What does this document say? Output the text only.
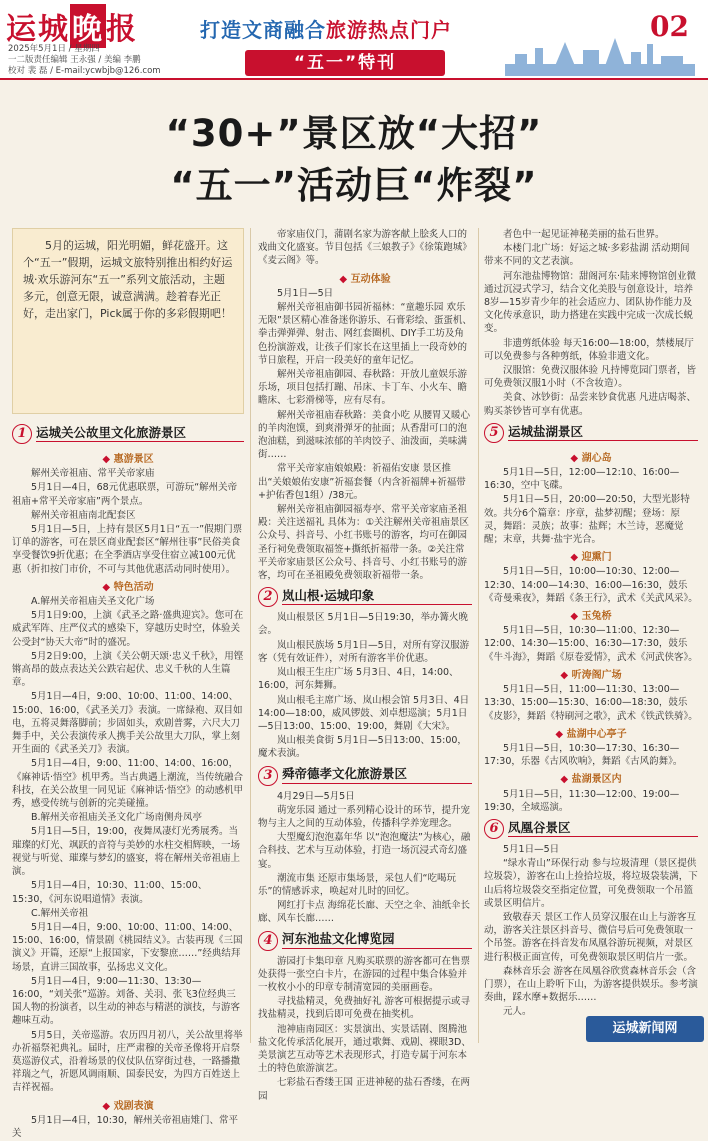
运城晚报
2025年5月1日 / 星期四
一二版责任编辑 王永强 / 美编 李鹏
校对 裴 磊 / E-mail:ycwbjb@126.com
打造文商融合旅游热点门户	02
“五一”特刊
“30+”景区放“大招”
“五一”活动巨“炸裂”

5月的运城，阳光明媚，鲜花盛开。这个“五一”假期，运城文旅特别推出相约好运城·欢乐游河东“五一”系列文旅活动，主题多元，创意无限，诚意满满。趁着春光正好，走出家门，Pick属于你的多彩假期吧！

1 运城关公故里文化旅游景区

◆ 惠游景区

解州关帝祖庙、常平关帝家庙

5月1日—4日，68元优惠联票，可游玩“解州关帝祖庙+常平关帝家庙”两个景点。

解州关帝祖庙南北配套区

5月1日—5日，上持有景区5月1日“五一”假期门票订单的游客，可在景区商业配套区“解州往事”民俗美食享受餐饮9折优惠；在全季酒店享受住宿立减100元优惠（折扣按门市价，不可与其他优惠活动同时使用）。

◆ 特色活动

A.解州关帝祖庙关圣文化广场

5月1日9:00，上演《武圣之路·盛典迎宾》。您可在威武军阵、庄严仪式的感染下，穿越历史时空，体验关公受封“协天大帝”时的盛况。

5月2日9:00，上演《关公朝天颂·忠义千秋》，用铿锵高昂的鼓点表达关公跌宕起伏、忠义千秋的人生篇章。

5月1日—4日，9:00、10:00、11:00、14:00、15:00、16:00，《武圣关刀》表演。一席緑袍、双目如电，五将灵舞落脚前；步固如头，欢剧普雾，六尺大刀舞手中，关公表演传承人携手关公故里大刀队，掌上刻开生面的《武圣关刀》表演。

5月1日—4日，9:00、11:00、14:00、16:00，《麻神话·悟空》机甲秀。当古典遇上潮流，当传统融合科技，在关公故里一同见证《麻神话·悟空》的动感机甲秀，感受传统与创新的完美碰撞。

B.解州关帝祖庙关圣文化广场南侧舟凤亭

5月1日—5日，19:00，夜舞凤凄灯光秀展秀。当璀璨的灯光、飒跃的音符与美妙的水柱交相辉映，一场视觉与听觉、璀璨与梦幻的盛宴，将在解州关帝祖庙上演。

5月1日—4日，10:30、11:00、15:00、15:30，《河东说唱道情》表演。

C.解州关帝祖

5月1日—4日，9:00、10:00、11:00、14:00、15:00、16:00，情景剧《桃园结义》。古装再现《三国演义》开篇，还原“上报国家，下安黎庶……”经典结拜场景，直讲三国故事，弘扬忠义文化。

5月1日—4日，9:00—11:30、13:30—16:00，“刘关张”巡游。刘备、关羽、张飞3位经典三国人物的扮演者，以生动的神态与精湛的演技，与游客趣味互动。

5月5日，关帝巡游。农历四月初八，关公故里将举办祈福祭祀典礼。届时，庄严肃穆的关帝圣像将开启祭莫巡游仪式，沿着场景的仪仗队伍穿街过巷，一路播撒祥瑞之气，祈愿风调雨顺、国泰民安，为四方百姓送上吉祥祝福。

◆ 戏剧表演

5月1日—4日，10:30，解州关帝祖庙雉门、常平关

帝家庙仪门，蒲剧名家为游客献上脍炙人口的戏曲文化盛宴。节目包括《三娘教子》《徐策跑城》《麦云阁》等。

◆ 互动体验

5月1日—5日

解州关帝祖庙御书园祈福林：“童趣乐园 欢乐无限”景区精心准备迷你游乐、石膏彩绘、蛋蛋机、拳击弹弹弹、射击、网红套圈机、DIY手工坊及角色扮演游戏，让孩子们家长在这里插上一段奇妙的节日旅程，开启一段美好的童年记忆。

解州关帝祖庙御园、春秋路：开放儿童娱乐游乐场，项目包括打蹦、吊床、卡丁车、小火车、瞻瞻床、七彩滑梯等，应有尽有。

解州关帝祖庙春秋路：美食小吃 从腰胃又暖心的羊肉泡馍，到爽滑弹牙的扯面；从香甜可口的泡泡油糕，到滋味浓郁的羊肉饺子、油泼面，美味满街……

常平关帝家庙娘娘殿：祈福佑安康 景区推出“关娘娘佑安康”祈福套餐（内含祈福牌+祈福带+护佑香包1组）/38元。

解州关帝祖庙御园福寿亭、常平关帝家庙圣祖殿：关注送福礼 具体为：①关注解州关帝祖庙景区公众号、抖音号、小红书账号的游客，均可在御园圣行祠免费领取福签+撕纸折福带一条。②关注常平关帝家庙景区公众号、抖音号、小红书账号的游客，均可在圣祖殿免费领取祈福带一条。

2 岚山根·运城印象

岚山根景区 5月1日—5日19:30，举办篝火晚会。

岚山根民族场 5月1日—5日，对所有穿汉服游客（凭有效证件），对所有游客半价优惠。

岚山根王生庄广场 5月3日、4日，14:00、16:00，河东舞狮。

岚山根毛主席广场、岚山根会馆 5月3日、4日14:00—18:00，威风锣鼓、刘卓想巡演；5月1日—5日13:00、15:00、19:00，舞剧《大宋》。

岚山根美食街 5月1日—5日13:00、15:00，魔术表演。

3 舜帝德孝文化旅游景区

4月29日—5月5日

萌宠乐园 通过一系列精心设计的环节，提升宠物与主人之间的互动体验，传播科学养宠理念。

大型魔幻泡泡嘉年华 以“泡泡魔法”为核心，融合科技、艺术与互动体验，打造一场沉浸式奇幻盛宴。

潮流市集 还原市集场景，采包人们“吃喝玩乐”的情感诉求，唤起对儿时的回忆。

网红打卡点 海绵花长廊、天空之伞、油纸伞长廊、风车长廊……

4 河东池盐文化博览园

游园打卡集印章 凡购买联票的游客都可在售票处获得一张空白卡片，在游园的过程中集合体验并一枚枚小小的印章专制清宽园的美丽画卷。

寻找盐精灵，免费抽好礼 游客可根据提示或寻找盐精灵，找到后即可免费在抽奖机。

池神庙南园区：实景演出、实景话剧、图腾池盐文化传承活化展开，通过歌舞、戏剧、裸眼3D、美景演艺互动等艺术表现形式，打造专属于河东本土的特色旅游演艺。

七彩盐石香缕王国 正进神秘的盐石香缕，在两园

者色中一起见证神秘美丽的盐石世界。

本楼门北广场：好运之城·多彩盐湖 活动期间带来不同的文艺表演。

河东池盐博物馆：甜阁河东·陆来博物馆创业微通过沉浸式学习，结合文化美股与创意设计，培养8岁—15岁青少年的社会适应力、团队协作能力及文化传承意识，助力搭建在实践中完成一次成长蜕变。

非遗剪纸体验 每天16:00—18:00，禁楼展厅可以免费参与各种剪纸，体验非遗文化。

汉服馆：免费汉服体验 凡持博览园门票者，皆可免费领汉服1小时（不含妆造）。

美食、冰钞街：品尝来钞食优惠 凡进店喝茶、购买茶钞皆可享有优惠。

5 运城盐湖景区

◆ 湖心岛

5月1日—5日，12:00—12:10、16:00—16:30，空中飞碟。

5月1日—5日，20:00—20:50，大型光影特效。共分6个篇章：序章，盐梦初醒；登场：原灵，舞蹈：灵族；故事：盐辉；木兰诗，恶魔觉醒；末章，共舞·盐宇光合。

◆ 迎熏门

5月1日—5日，10:00—10:30、12:00—12:30、14:00—14:30、16:00—16:30，鼓乐《奇曼乘夜》，舞蹈《条王行》，武术《关武风采》。

◆ 玉兔桥

5月1日—5日，10:30—11:00、12:30—12:00、14:30—15:00、16:30—17:30，鼓乐《牛斗海》，舞蹈《原卷爱情》，武术《河武侠客》。

◆ 听涛阁广场

5月1日—5日，11:00—11:30、13:00—13:30、15:00—15:30、16:00—18:30，鼓乐《皮影》，舞蹈《特刷河之歌》，武术《铁武铁骑》。

◆ 盐湖中心亭子

5月1日—5日，10:30—17:30、16:30—17:30，乐器《古风吹响》，舞蹈《古风韵舞》。

◆ 盐湖景区内

5月1日—5日，11:30—12:00、19:00—19:30，全域巡演。

6 凤凰谷景区

5月1日—5日

“绿水青山”环保行动 参与垃圾清理（景区提供垃圾袋），游客在山上捡拾垃圾，将垃圾袋装满，下山后将垃圾袋交至指定位置，可免费领取一个吊篮或景区明信片。

致敬春天 景区工作人员穿汉服在山上与游客互动，游客关注景区抖音号、微信号后可免费领取一个吊签。游客在抖音发布凤凰谷游玩视频，对景区进行积极正面宣传，可免费领取景区明信片一张。

森林音乐会 游客在凤凰谷欣赏森林音乐会（含门票），在山上聆听下山，为游客提供娱乐。参考演奏曲，踩水摩+数据乐……

元人。

运城新闻网
